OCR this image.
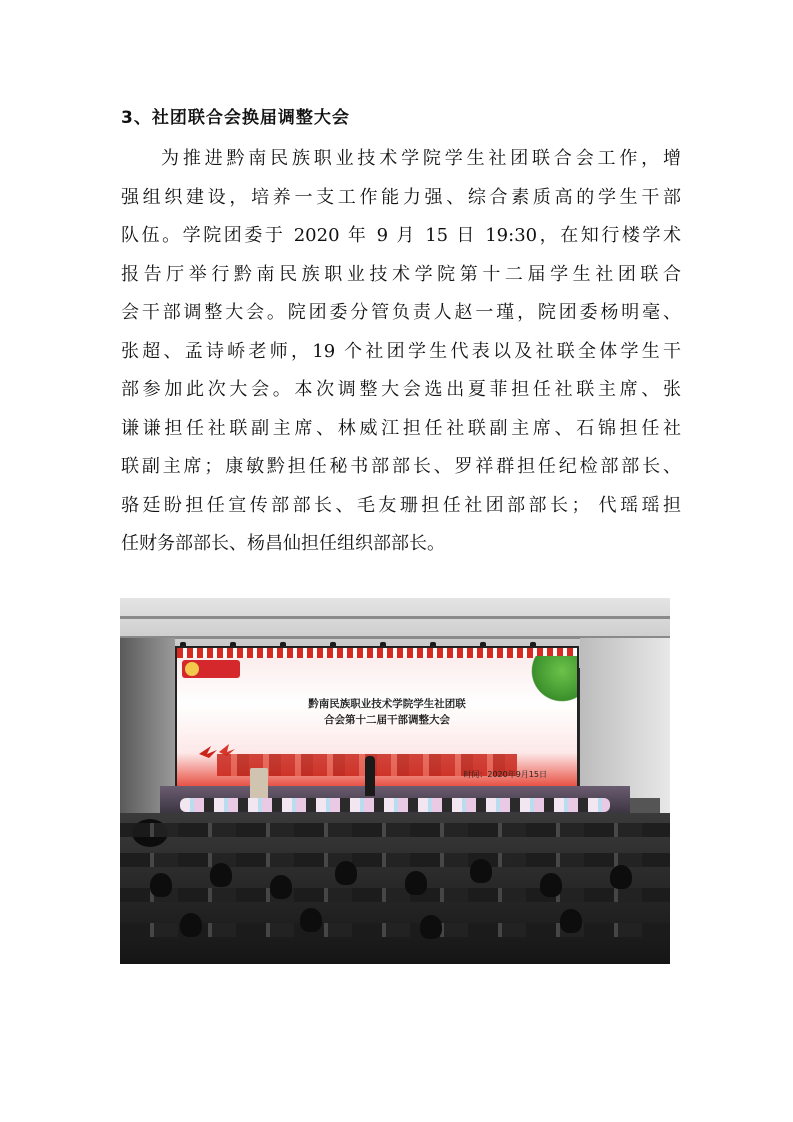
3、社团联合会换届调整大会
为推进黔南民族职业技术学院学生社团联合会工作，增
强组织建设，培养一支工作能力强、综合素质高的学生干部
队伍。学院团委于 2020 年 9 月 15 日 19:30，在知行楼学术
报告厅举行黔南民族职业技术学院第十二届学生社团联合
会干部调整大会。院团委分管负责人赵一瑾，院团委杨明毫、
张超、孟诗峤老师，19 个社团学生代表以及社联全体学生干
部参加此次大会。本次调整大会选出夏菲担任社联主席、张
谦谦担任社联副主席、林威江担任社联副主席、石锦担任社
联副主席；康敏黔担任秘书部部长、罗祥群担任纪检部部长、
骆廷盼担任宣传部部长、毛友珊担任社团部部长； 代瑶瑶担
任财务部部长、杨昌仙担任组织部部长。
黔南民族职业技术学院学生社团联
合会第十二届干部调整大会
时间：2020年9月15日
